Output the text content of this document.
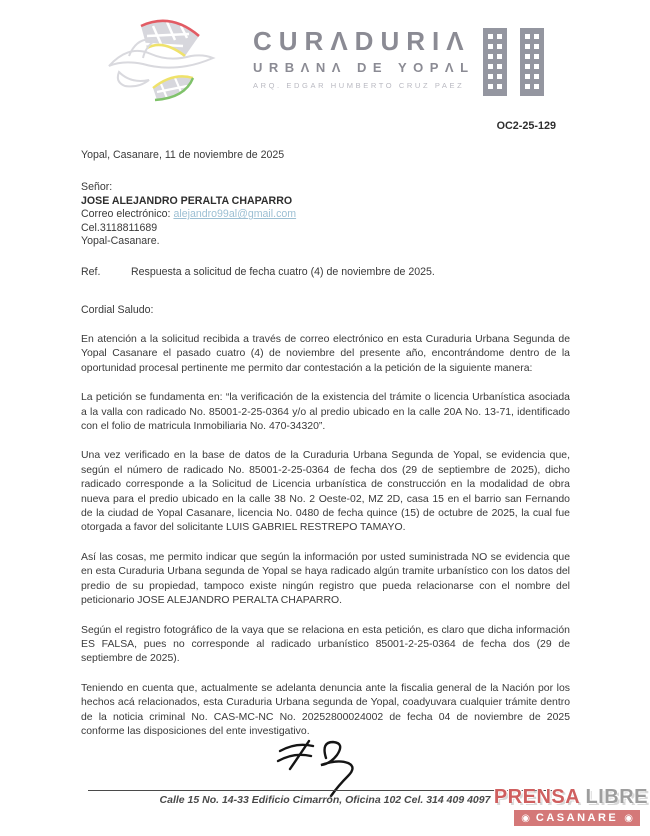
CURΛDURIΛ
URBΛNΛ DE YOPΛL
ARQ. EDGAR HUMBERTO CRUZ PAEZ
OC2-25-129
Yopal, Casanare, 11 de noviembre de 2025
Señor:
JOSE ALEJANDRO PERALTA CHAPARRO
Correo electrónico: alejandro99al@gmail.com
Cel.3118811689
Yopal-Casanare.
Ref.	Respuesta a solicitud de fecha cuatro (4) de noviembre de 2025.
Cordial Saludo:

En atención a la solicitud recibida a través de correo electrónico en esta Curaduria Urbana Segunda de Yopal Casanare el pasado cuatro (4) de noviembre del presente año, encontrándome dentro de la oportunidad procesal pertinente me permito dar contestación a la petición de la siguiente manera:

La petición se fundamenta en: “la verificación de la existencia del trámite o licencia Urbanística asociada a la valla con radicado No. 85001-2-25-0364 y/o al predio ubicado en la calle 20A No. 13-71, identificado con el folio de matricula Inmobiliaria No. 470-34320”.

Una vez verificado en la base de datos de la Curaduria Urbana Segunda de Yopal, se evidencia que, según el número de radicado No. 85001-2-25-0364 de fecha dos (29 de septiembre de 2025), dicho radicado corresponde a la Solicitud de Licencia urbanística de construcción en la modalidad de obra nueva para el predio ubicado en la calle 38 No. 2 Oeste-02, MZ 2D, casa 15 en el barrio san Fernando de la ciudad de Yopal Casanare, licencia No. 0480 de fecha quince (15) de octubre de 2025, la cual fue otorgada a favor del solicitante LUIS GABRIEL RESTREPO TAMAYO.

Así las cosas, me permito indicar que según la información por usted suministrada NO se evidencia que en esta Curaduria Urbana segunda de Yopal se haya radicado algún tramite urbanístico con los datos del predio de su propiedad, tampoco existe ningún registro que pueda relacionarse con el nombre del peticionario JOSE ALEJANDRO PERALTA CHAPARRO.

Según el registro fotográfico de la vaya que se relaciona en esta petición, es claro que dicha información ES FALSA, pues no corresponde al radicado urbanístico 85001-2-25-0364 de fecha dos (29 de septiembre de 2025).

Teniendo en cuenta que, actualmente se adelanta denuncia ante la fiscalia general de la Nación por los hechos acá relacionados, esta Curaduria Urbana segunda de Yopal, coadyuvara cualquier trámite dentro de la noticia criminal No. CAS-MC-NC No. 20252800024002 de fecha 04 de noviembre de 2025 conforme las disposiciones del ente investigativo.

Calle 15 No. 14-33 Edificio Cimarrón, Oficina 102 Cel. 314 409 4097 PRENSA LIBRE
◉ CASANARE ◉
